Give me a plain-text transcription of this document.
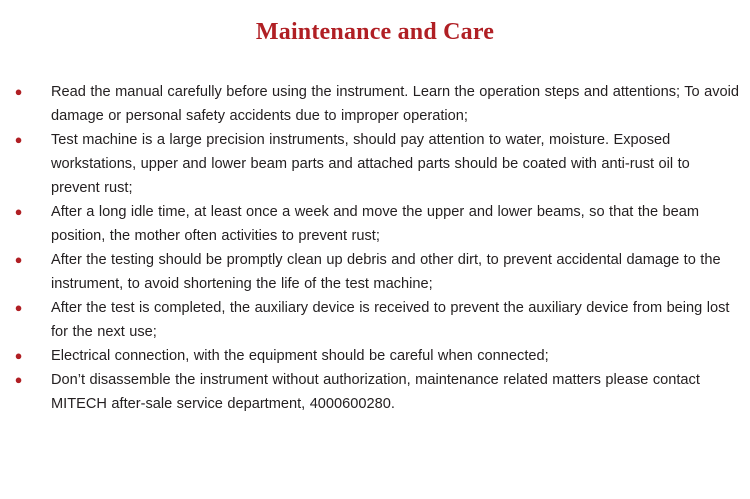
Maintenance and Care
● Read the manual carefully before using the instrument. Learn the operation steps and attentions; To avoid damage or personal safety accidents due to improper operation;
● Test machine is a large precision instruments, should pay attention to water, moisture. Exposed workstations, upper and lower beam parts and attached parts should be coated with anti-rust oil to prevent rust;
● After a long idle time, at least once a week and move the upper and lower beams, so that the beam position, the mother often activities to prevent rust;
● After the testing should be promptly clean up debris and other dirt, to prevent accidental damage to the instrument, to avoid shortening the life of the test machine;
● After the test is completed, the auxiliary device is received to prevent the auxiliary device from being lost for the next use;
● Electrical connection, with the equipment should be careful when connected;
● Don’t disassemble the instrument without authorization, maintenance related matters please contact MITECH after-sale service department, 4000600280.
